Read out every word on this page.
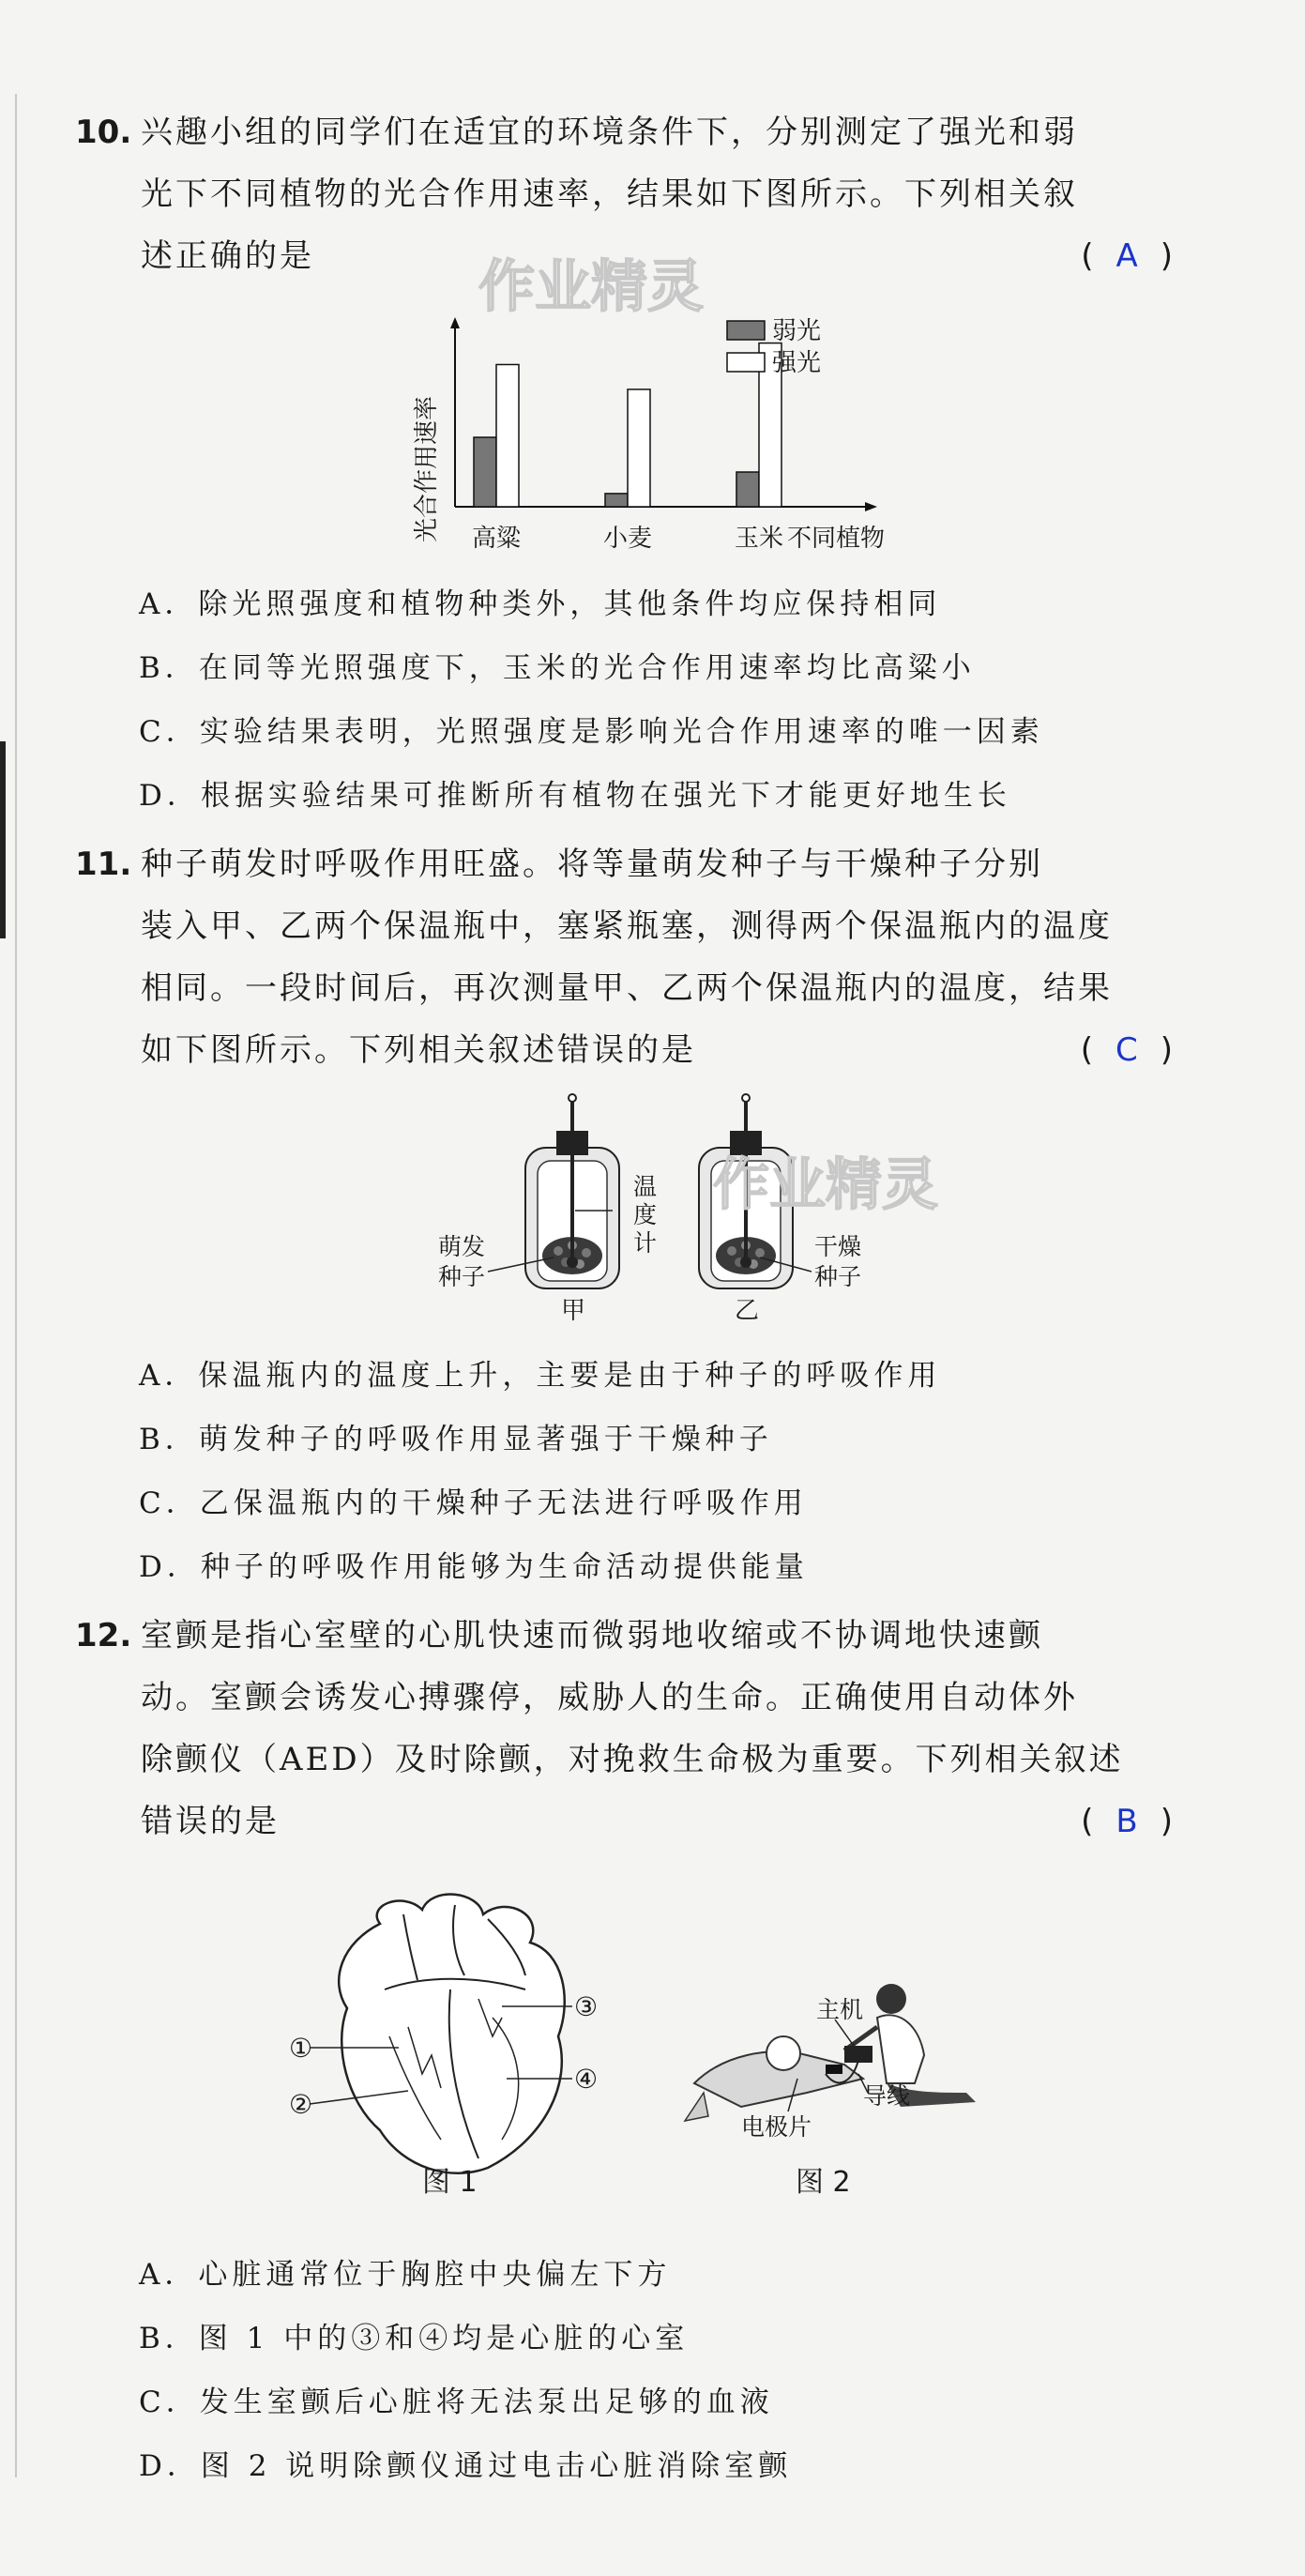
10. 兴趣小组的同学们在适宜的环境条件下，分别测定了强光和弱
光下不同植物的光合作用速率，结果如下图所示。下列相关叙
述正确的是	( A )
作业精灵
光合作用速率 高粱	小麦	玉米 不同植物
弱光
强光
A．除光照强度和植物种类外，其他条件均应保持相同
B．在同等光照强度下，玉米的光合作用速率均比高粱小
C．实验结果表明，光照强度是影响光合作用速率的唯一因素
D．根据实验结果可推断所有植物在强光下才能更好地生长
11. 种子萌发时呼吸作用旺盛。将等量萌发种子与干燥种子分别
装入甲、乙两个保温瓶中，塞紧瓶塞，测得两个保温瓶内的温度
相同。一段时间后，再次测量甲、乙两个保温瓶内的温度，结果
如下图所示。下列相关叙述错误的是	( C )
萌发
种子
温
度
计	干燥
种子
甲	乙
作业精灵
A．保温瓶内的温度上升，主要是由于种子的呼吸作用
B．萌发种子的呼吸作用显著强于干燥种子
C．乙保温瓶内的干燥种子无法进行呼吸作用
D．种子的呼吸作用能够为生命活动提供能量
12. 室颤是指心室壁的心肌快速而微弱地收缩或不协调地快速颤
动。室颤会诱发心搏骤停，威胁人的生命。正确使用自动体外
除颤仪（AED）及时除颤，对挽救生命极为重要。下列相关叙述
错误的是	( B )
①
②
③
④
图 1
主机
导线
电极片
图 2
A．心脏通常位于胸腔中央偏左下方
B．图 1 中的③和④均是心脏的心室
C．发生室颤后心脏将无法泵出足够的血液
D．图 2 说明除颤仪通过电击心脏消除室颤
